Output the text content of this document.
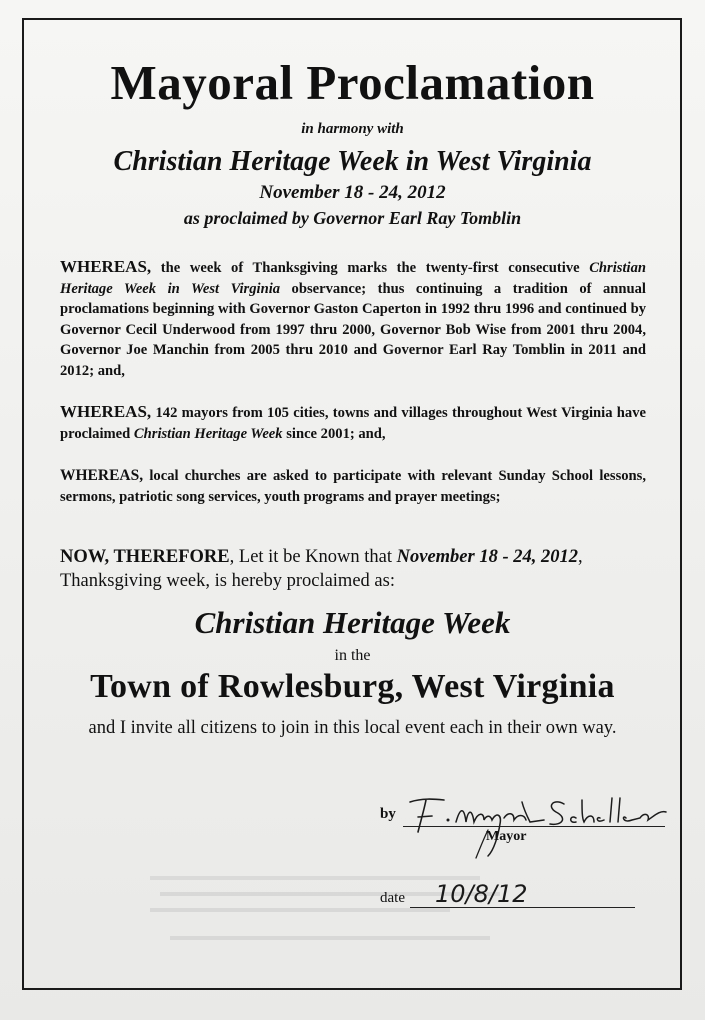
Mayoral Proclamation
in harmony with
Christian Heritage Week in West Virginia
November 18 - 24, 2012
as proclaimed by Governor Earl Ray Tomblin
WHEREAS, the week of Thanksgiving marks the twenty-first consecutive Christian Heritage Week in West Virginia observance; thus continuing a tradition of annual proclamations beginning with Governor Gaston Caperton in 1992 thru 1996 and continued by Governor Cecil Underwood from 1997 thru 2000, Governor Bob Wise from 2001 thru 2004, Governor Joe Manchin from 2005 thru 2010 and Governor Earl Ray Tomblin in 2011 and 2012; and,
WHEREAS, 142 mayors from 105 cities, towns and villages throughout West Virginia have proclaimed Christian Heritage Week since 2001; and,
WHEREAS, local churches are asked to participate with relevant Sunday School lessons, sermons, patriotic song services, youth programs and prayer meetings;
NOW, THEREFORE, Let it be Known that November 18 - 24, 2012, Thanksgiving week, is hereby proclaimed as:
Christian Heritage Week
in the
Town of Rowlesburg, West Virginia
and I invite all citizens to join in this local event each in their own way.
by
F. Margaret Schollar
Mayor
date 10/8/12
